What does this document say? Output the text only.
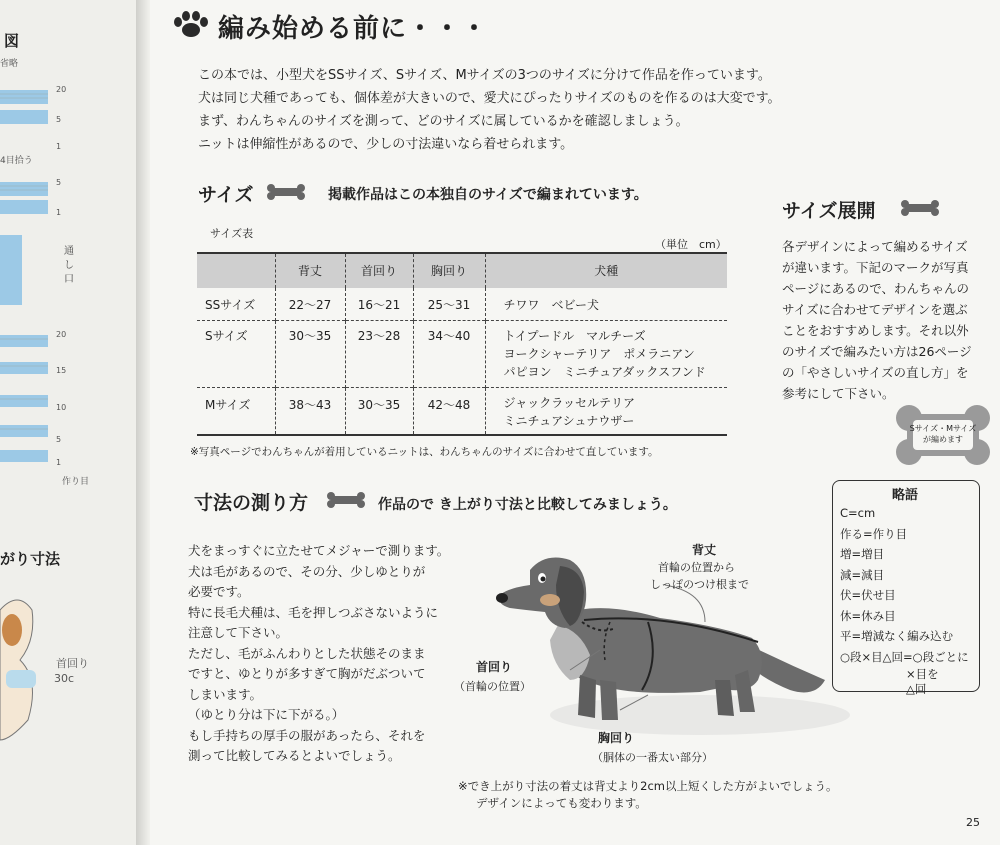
図
省略
20
5
1
4目拾う
5
1
通し口
20
15
10
5
1
作り目
がり寸法
首回り
30c
編み始める前に・・・
この本では、小型犬をSSサイズ、Sサイズ、Mサイズの3つのサイズに分けて作品を作っています。
犬は同じ犬種であっても、個体差が大きいので、愛犬にぴったりサイズのものを作るのは大変です。
まず、わんちゃんのサイズを測って、どのサイズに属しているかを確認しましょう。
ニットは伸縮性があるので、少しの寸法違いなら着せられます。
サイズ	掲載作品はこの本独自のサイズで編まれています。
サイズ表
（単位　cm）
	背丈	首回り	胸回り	犬種
SSサイズ	22～27	16～21	25～31	チワワ　ベビー犬

Sサイズ	30～35	23～28	34～40	トイプードル　マルチーズ
ヨークシャーテリア　ポメラニアン
パピヨン　ミニチュアダックスフンド

Mサイズ	38～43	30～35	42～48	ジャックラッセルテリア
ミニチュアシュナウザー
※写真ページでわんちゃんが着用しているニットは、わんちゃんのサイズに合わせて直しています。
サイズ展開
各デザインによって編めるサイズ
が違います。下記のマークが写真
ページにあるので、わんちゃんの
サイズに合わせてデザインを選ぶ
ことをおすすめします。それ以外
のサイズで編みたい方は26ページ
の「やさしいサイズの直し方」を
参考にして下さい。
Sサイズ・Mサイズ
が編めます
略語
C=cm
作る=作り目
増=増目
減=減目
伏=伏せ目
休=休み目
平=増減なく編み込む
○段×目△回=○段ごとに
×目を
△回
寸法の測り方	作品ので き上がり寸法と比較してみましょう。
犬をまっすぐに立たせてメジャーで測ります。
犬は毛があるので、その分、少しゆとりが
必要です。
特に長毛犬種は、毛を押しつぶさないように
注意して下さい。
ただし、毛がふんわりとした状態そのまま
ですと、ゆとりが多すぎて胸がだぶついて
しまいます。
（ゆとり分は下に下がる。）
もし手持ちの厚手の服があったら、それを
測って比較してみるとよいでしょう。
背丈
首輪の位置から
しっぽのつけ根まで
首回り
（首輪の位置）
胸回り
（胴体の一番太い部分）
※でき上がり寸法の着丈は背丈より2cm以上短くした方がよいでしょう。
デザインによっても変わります。
25
